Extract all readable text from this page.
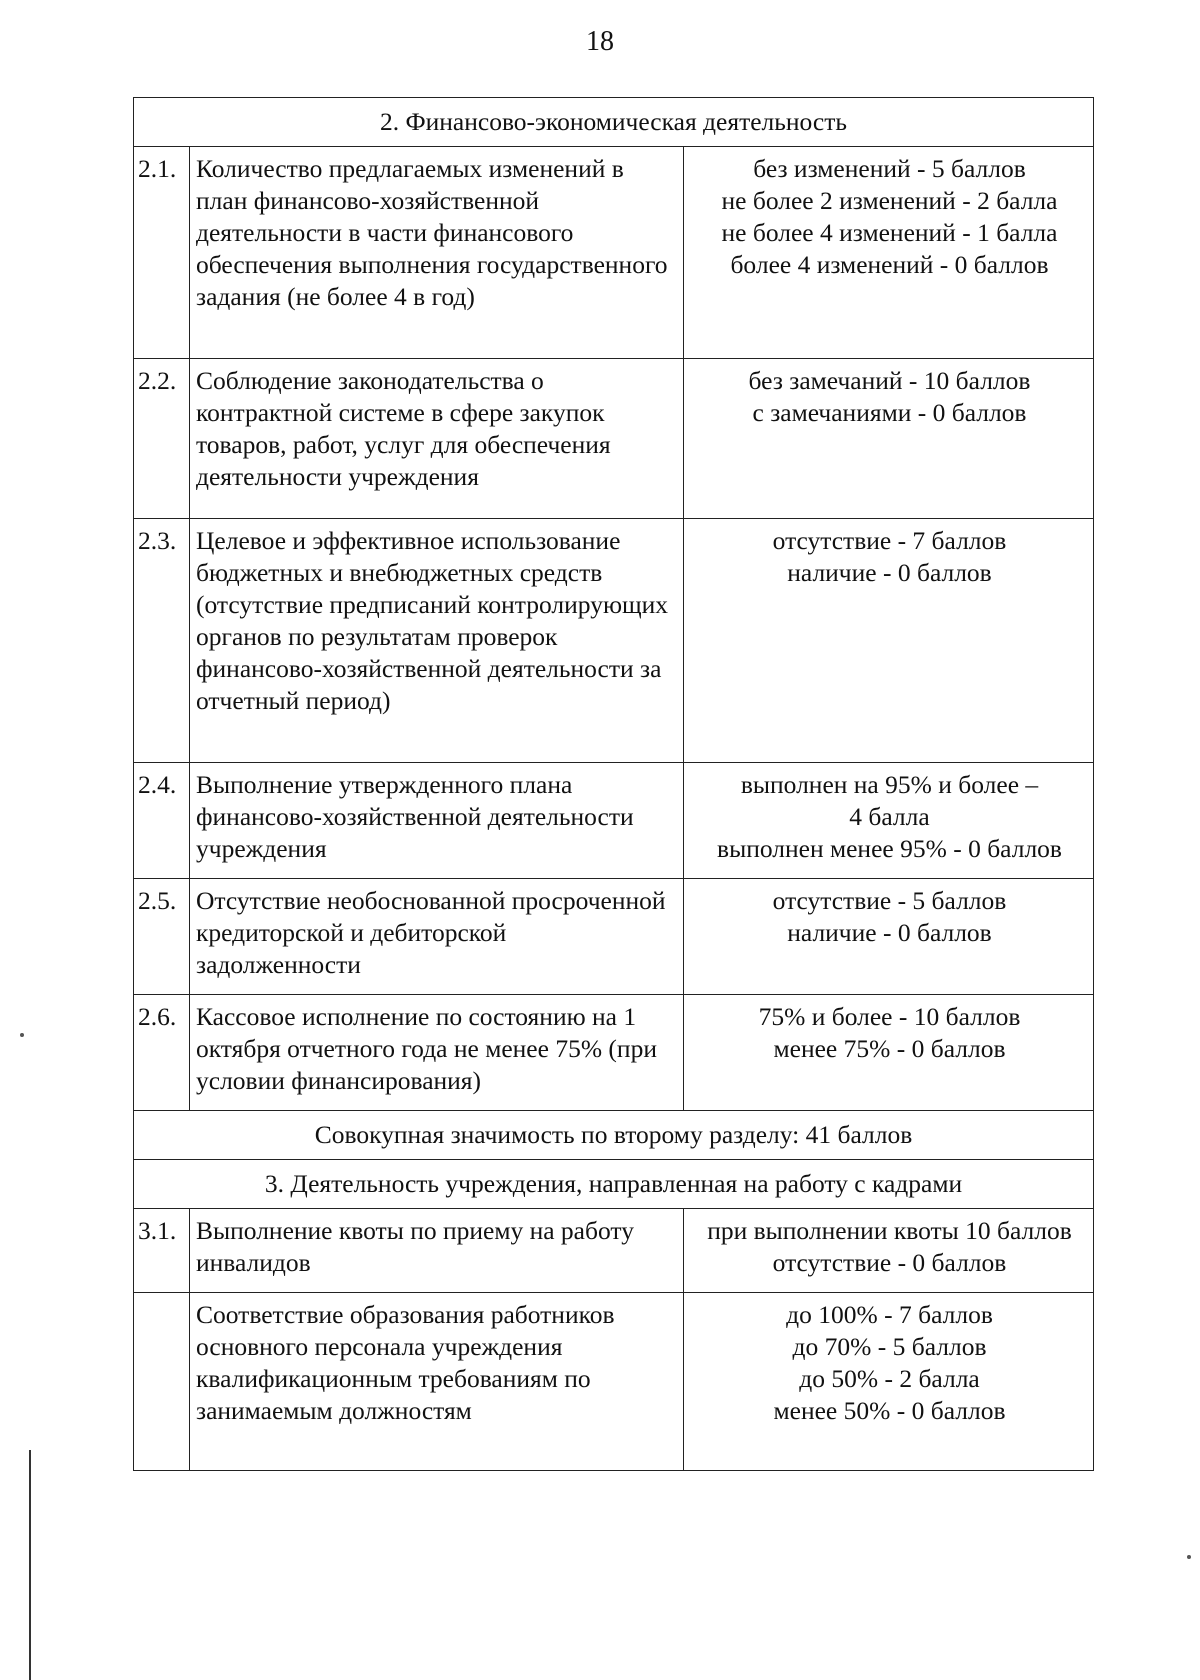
18
2. Финансово-экономическая деятельность		
2.1.	Количество предлагаемых изменений в план финансово-хозяйственной деятельности в части финансового обеспечения выполнения государственного задания (не более 4 в год)	без изменений - 5 баллов
не более 2 изменений - 2 балла
не более 4 изменений - 1 балла
более 4 изменений - 0 баллов

2.2.	Соблюдение законодательства о контрактной системе в сфере закупок товаров, работ, услуг для обеспечения деятельности учреждения	без замечаний - 10 баллов
с замечаниями - 0 баллов

2.3.	Целевое и эффективное использование бюджетных и внебюджетных средств (отсутствие предписаний контролирующих органов по результатам проверок финансово-хозяйственной деятельности за отчетный период)	отсутствие - 7 баллов
наличие - 0 баллов

2.4.	Выполнение утвержденного плана финансово-хозяйственной деятельности учреждения	выполнен на 95% и более –
4 балла
выполнен менее 95% - 0 баллов

2.5.	Отсутствие необоснованной просроченной кредиторской и дебиторской задолженности	отсутствие - 5 баллов
наличие - 0 баллов

2.6.	Кассовое исполнение по состоянию на 1 октября отчетного года не менее 75% (при условии финансирования)	75% и более - 10 баллов
менее 75% - 0 баллов

Совокупная значимость по второму разделу: 41 баллов		
3. Деятельность учреждения, направленная на работу с кадрами		
3.1.	Выполнение квоты по приему на работу инвалидов	при выполнении квоты 10 баллов
отсутствие - 0 баллов

	Соответствие образования работников основного персонала учреждения квалификационным требованиям по занимаемым должностям	до 100% - 7 баллов
до 70% - 5 баллов
до 50% - 2 балла
менее 50% - 0 баллов
